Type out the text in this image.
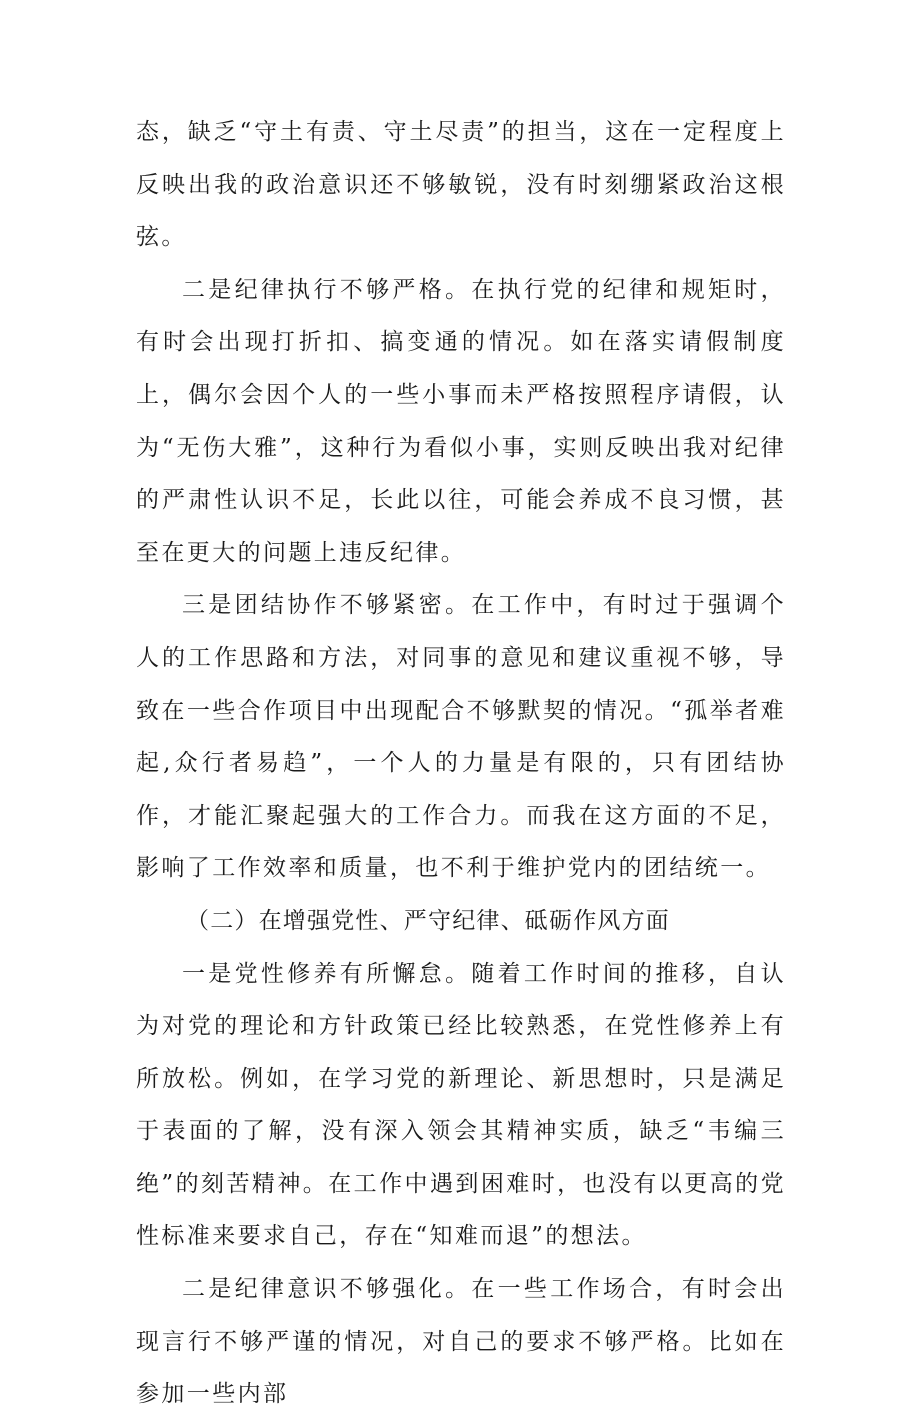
态，缺乏“守土有责、守土尽责”的担当，这在一定程度上反映出我的政治意识还不够敏锐，没有时刻绷紧政治这根弦。

二是纪律执行不够严格。在执行党的纪律和规矩时，有时会出现打折扣、搞变通的情况。如在落实请假制度上，偶尔会因个人的一些小事而未严格按照程序请假，认为“无伤大雅”，这种行为看似小事，实则反映出我对纪律的严肃性认识不足，长此以往，可能会养成不良习惯，甚至在更大的问题上违反纪律。

三是团结协作不够紧密。在工作中，有时过于强调个人的工作思路和方法，对同事的意见和建议重视不够，导致在一些合作项目中出现配合不够默契的情况。“孤举者难起,众行者易趋”，一个人的力量是有限的，只有团结协作，才能汇聚起强大的工作合力。而我在这方面的不足，影响了工作效率和质量，也不利于维护党内的团结统一。

（二）在增强党性、严守纪律、砥砺作风方面

一是党性修养有所懈怠。随着工作时间的推移，自认为对党的理论和方针政策已经比较熟悉，在党性修养上有所放松。例如，在学习党的新理论、新思想时，只是满足于表面的了解，没有深入领会其精神实质，缺乏“韦编三绝”的刻苦精神。在工作中遇到困难时，也没有以更高的党性标准来要求自己，存在“知难而退”的想法。

二是纪律意识不够强化。在一些工作场合，有时会出现言行不够严谨的情况，对自己的要求不够严格。比如在参加一些内部
